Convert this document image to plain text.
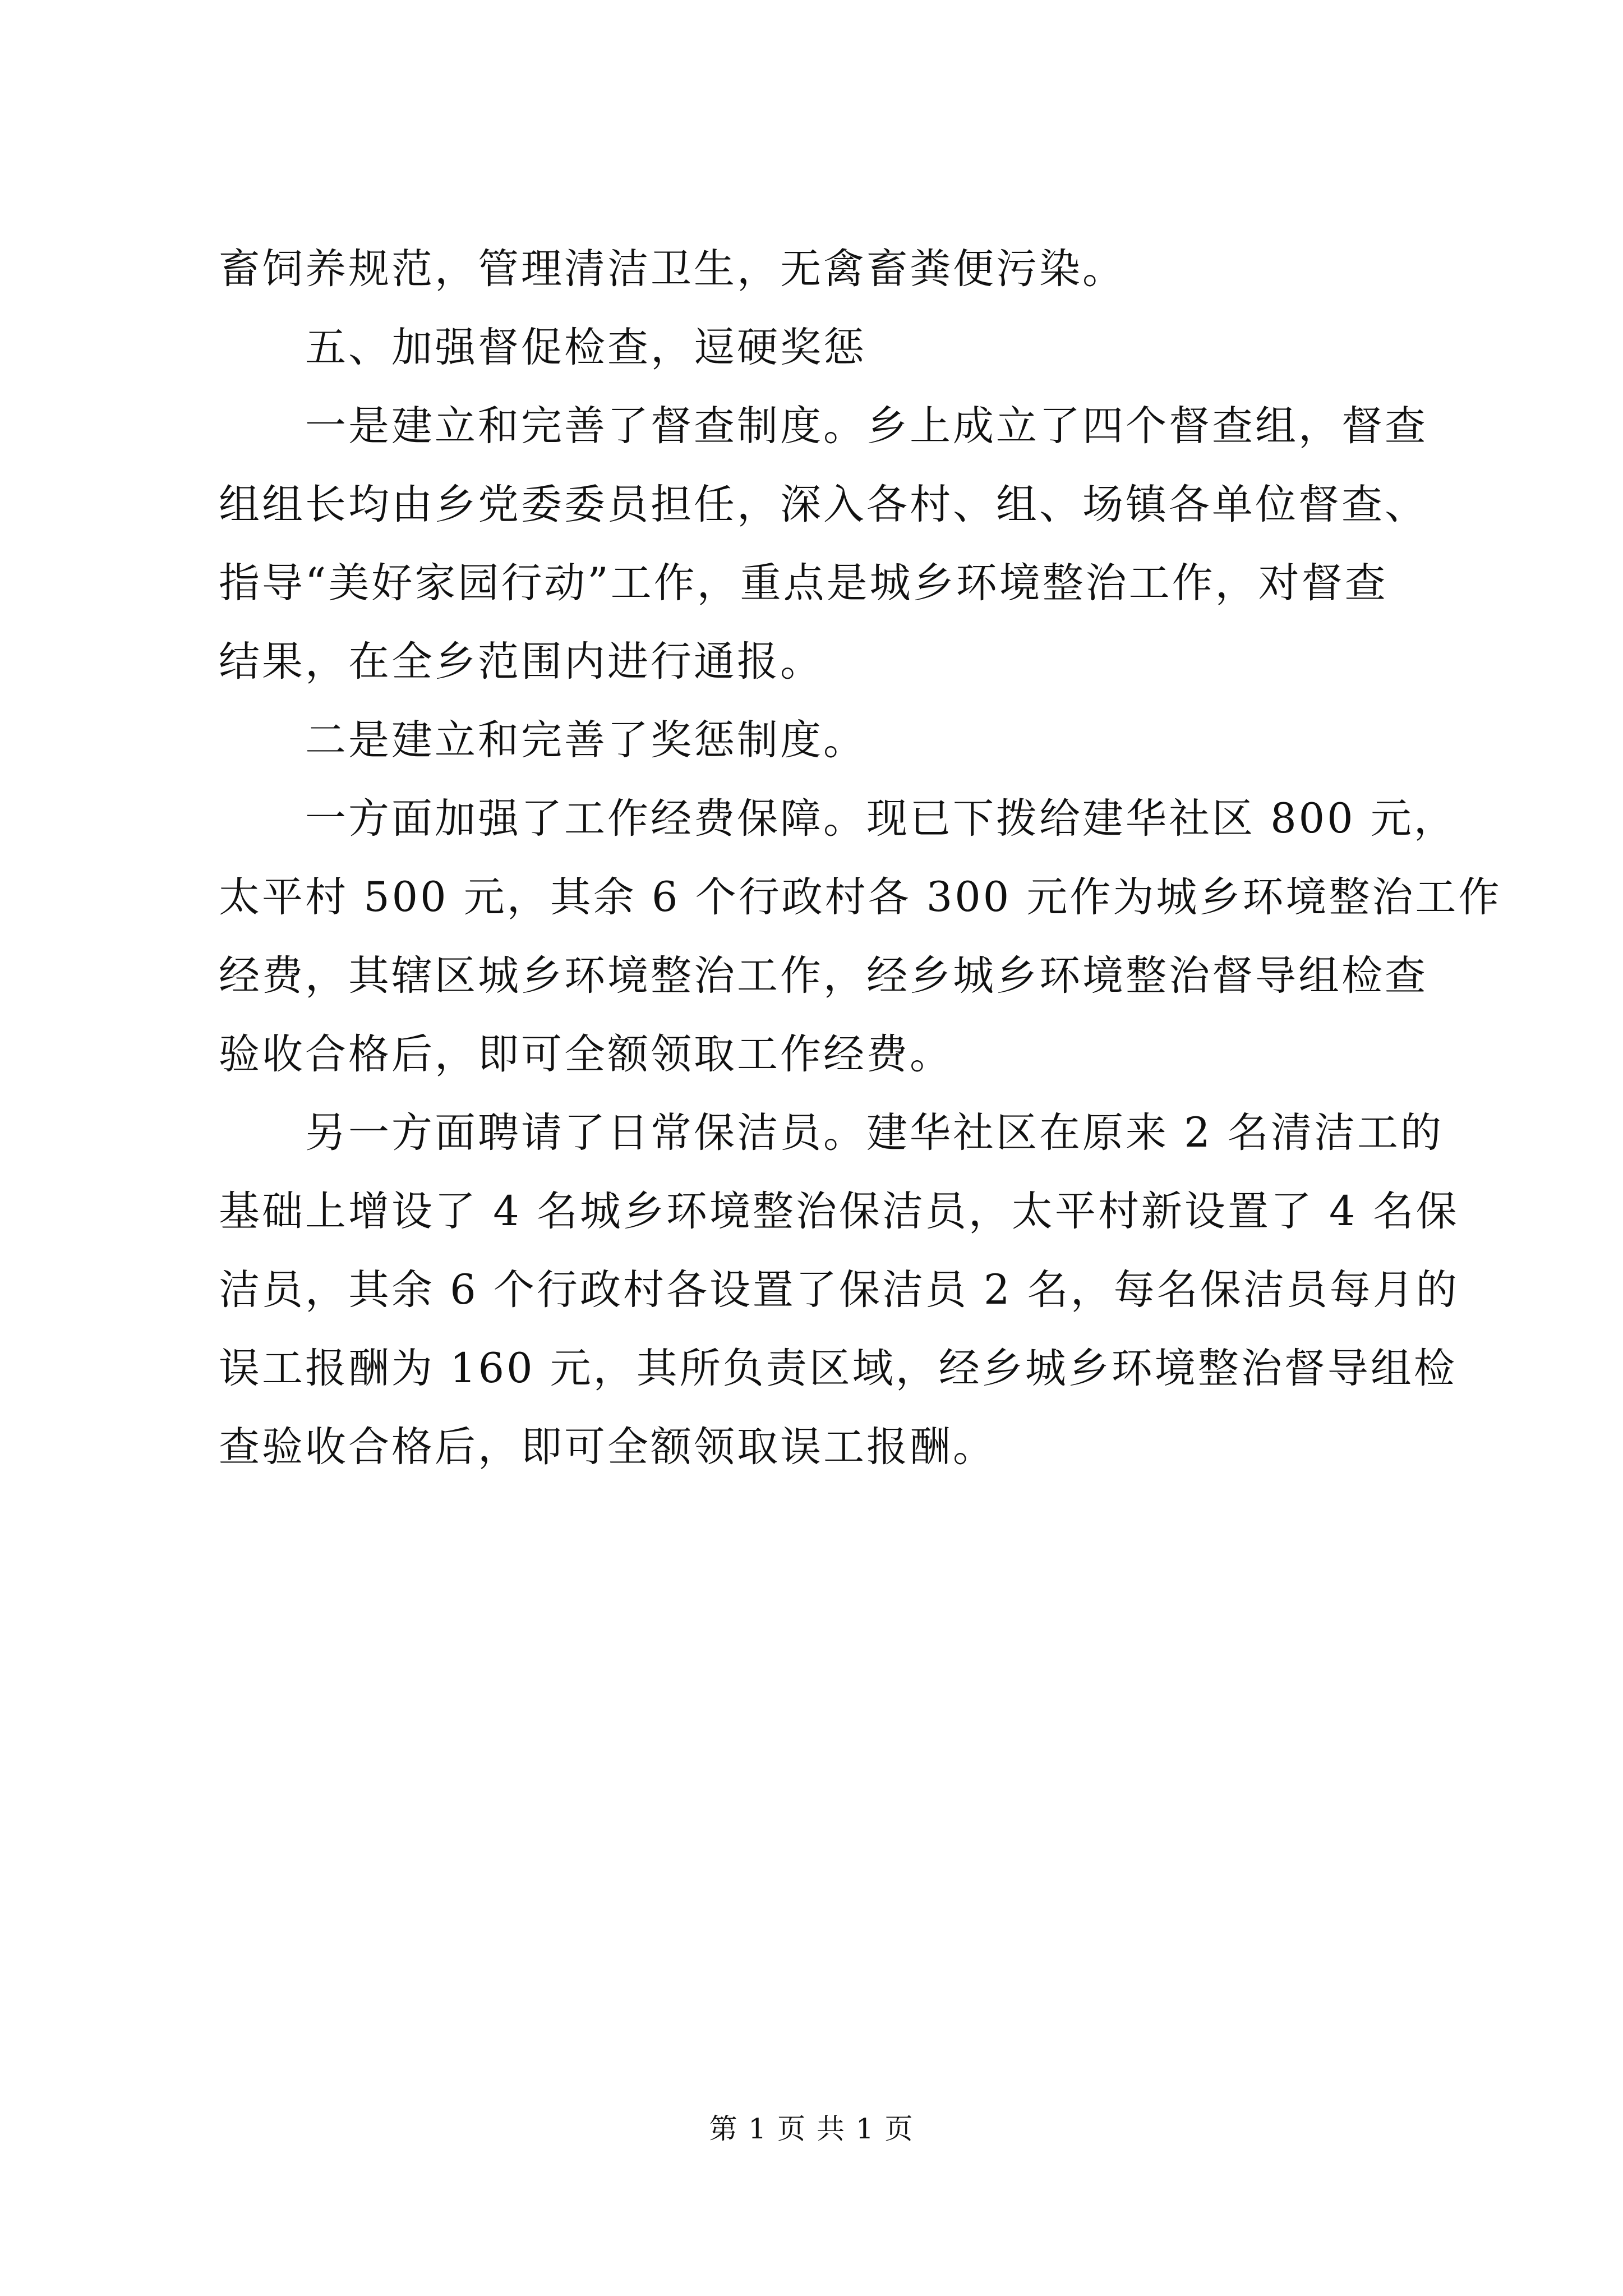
畜饲养规范，管理清洁卫生，无禽畜粪便污染。
五、加强督促检查，逗硬奖惩
一是建立和完善了督查制度。乡上成立了四个督查组，督查
组组长均由乡党委委员担任，深入各村、组、场镇各单位督查、
指导“美好家园行动”工作，重点是城乡环境整治工作，对督查
结果，在全乡范围内进行通报。
二是建立和完善了奖惩制度。
一方面加强了工作经费保障。现已下拨给建华社区 800 元，
太平村 500 元，其余 6 个行政村各 300 元作为城乡环境整治工作
经费，其辖区城乡环境整治工作，经乡城乡环境整治督导组检查
验收合格后，即可全额领取工作经费。
另一方面聘请了日常保洁员。建华社区在原来 2 名清洁工的
基础上增设了 4 名城乡环境整治保洁员，太平村新设置了 4 名保
洁员，其余 6 个行政村各设置了保洁员 2 名，每名保洁员每月的
误工报酬为 160 元，其所负责区域，经乡城乡环境整治督导组检
查验收合格后，即可全额领取误工报酬。
第 1 页 共 1 页
